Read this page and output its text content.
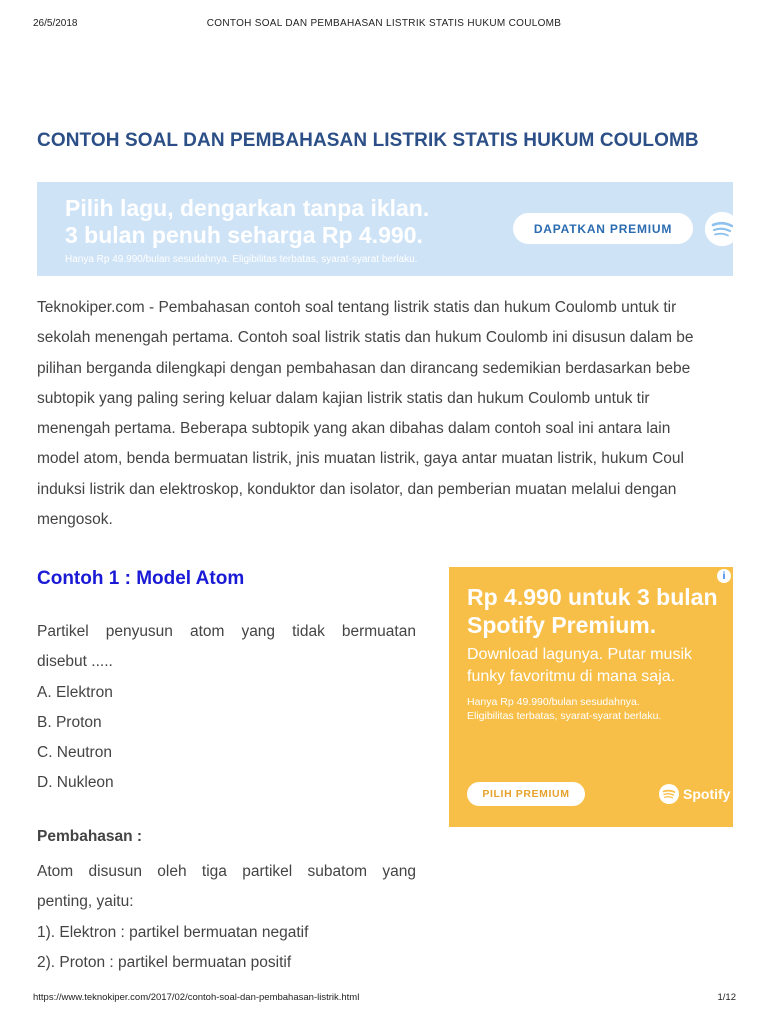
26/5/2018	CONTOH SOAL DAN PEMBAHASAN LISTRIK STATIS HUKUM COULOMB
CONTOH SOAL DAN PEMBAHASAN LISTRIK STATIS HUKUM COULOMB
Pilih lagu, dengarkan tanpa iklan.
3 bulan penuh seharga Rp 4.990.
Hanya Rp 49.990/bulan sesudahnya. Eligibilitas terbatas, syarat-syarat berlaku.
DAPATKAN PREMIUM
Teknokiper.com - Pembahasan contoh soal tentang listrik statis dan hukum Coulomb untuk tir
sekolah menengah pertama. Contoh soal listrik statis dan hukum Coulomb ini disusun dalam be
pilihan berganda dilengkapi dengan pembahasan dan dirancang sedemikian berdasarkan bebe
subtopik yang paling sering keluar dalam kajian listrik statis dan hukum Coulomb untuk tir
menengah pertama. Beberapa subtopik yang akan dibahas dalam contoh soal ini antara lain
model atom, benda bermuatan listrik, jnis muatan listrik, gaya antar muatan listrik, hukum Coul
induksi listrik dan elektroskop, konduktor dan isolator, dan pemberian muatan melalui dengan
mengosok.
Contoh 1 : Model Atom
Partikel penyusun atom yang tidak bermuatan
disebut .....
A. Elektron
B. Proton
C. Neutron
D. Nukleon
Pembahasan :
Atom disusun oleh tiga partikel subatom yang
penting, yaitu:
1). Elektron : partikel bermuatan negatif
2). Proton : partikel bermuatan positif
i
Rp 4.990 untuk 3 bulan
Spotify Premium.
Download lagunya. Putar musik
funky favoritmu di mana saja.
Hanya Rp 49.990/bulan sesudahnya.
Eligibilitas terbatas, syarat-syarat berlaku.
PILIH PREMIUM	Spotify
https://www.teknokiper.com/2017/02/contoh-soal-dan-pembahasan-listrik.html	1/12
